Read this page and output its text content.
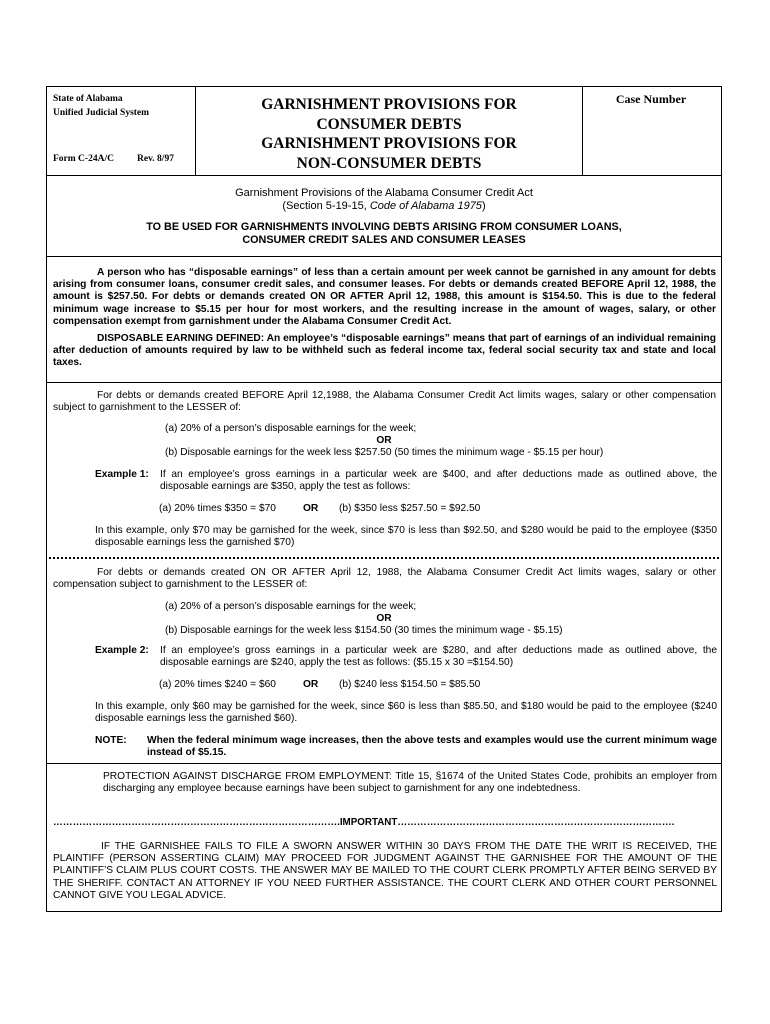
State of Alabama
Unified Judicial System
Form C-24A/C Rev. 8/97
GARNISHMENT PROVISIONS FOR
CONSUMER DEBTS
GARNISHMENT PROVISIONS FOR
NON-CONSUMER DEBTS
Case Number
Garnishment Provisions of the Alabama Consumer Credit Act
(Section 5-19-15, Code of Alabama 1975)
TO BE USED FOR GARNISHMENTS INVOLVING DEBTS ARISING FROM CONSUMER LOANS,
CONSUMER CREDIT SALES AND CONSUMER LEASES

A person who has “disposable earnings” of less than a certain amount per week cannot be garnished in any amount for debts arising from consumer loans, consumer credit sales, and consumer leases. For debts or demands created BEFORE April 12, 1988, the amount is $257.50. For debts or demands created ON OR AFTER April 12, 1988, this amount is $154.50. This is due to the federal minimum wage increase to $5.15 per hour for most workers, and the resulting increase in the amount of wages, salary, or other compensation exempt from garnishment under the Alabama Consumer Credit Act.

DISPOSABLE EARNING DEFINED: An employee’s “disposable earnings” means that part of earnings of an individual remaining after deduction of amounts required by law to be withheld such as federal income tax, federal social security tax and state and local taxes.

For debts or demands created BEFORE April 12,1988, the Alabama Consumer Credit Act limits wages, salary or other compensation subject to garnishment to the LESSER of:

(a) 20% of a person’s disposable earnings for the week;
OR
(b) Disposable earnings for the week less $257.50 (50 times the minimum wage - $5.15 per hour)
Example 1:	If an employee’s gross earnings in a particular week are $400, and after deductions made as outlined above, the disposable earnings are $350, apply the test as follows:
(a) 20% times $350 = $70	OR	(b) $350 less $257.50 = $92.50
In this example, only $70 may be garnished for the week, since $70 is less than $92.50, and $280 would be paid to the employee ($350 disposable earnings less the garnished $70)

For debts or demands created ON OR AFTER April 12, 1988, the Alabama Consumer Credit Act limits wages, salary or other compensation subject to garnishment to the LESSER of:

(a) 20% of a person’s disposable earnings for the week;
OR
(b) Disposable earnings for the week less $154.50 (30 times the minimum wage - $5.15)
Example 2:	If an employee’s gross earnings in a particular week are $280, and after deductions made as outlined above, the disposable earnings are $240, apply the test as follows: ($5.15 x 30 =$154.50)
(a) 20% times $240 = $60	OR	(b) $240 less $154.50 = $85.50
In this example, only $60 may be garnished for the week, since $60 is less than $85.50, and $180 would be paid to the employee ($240 disposable earnings less the garnished $60).
NOTE:	When the federal minimum wage increases, then the above tests and examples would use the current minimum wage instead of $5.15.
PROTECTION AGAINST DISCHARGE FROM EMPLOYMENT: Title 15, §1674 of the United States Code, prohibits an employer from discharging any employee because earnings have been subject to garnishment for any one indebtedness.
…………………………………………………………………………….IMPORTANT………………………………………………………………………….

IF THE GARNISHEE FAILS TO FILE A SWORN ANSWER WITHIN 30 DAYS FROM THE DATE THE WRIT IS RECEIVED, THE PLAINTIFF (PERSON ASSERTING CLAIM) MAY PROCEED FOR JUDGMENT AGAINST THE GARNISHEE FOR THE AMOUNT OF THE PLAINTIFF’S CLAIM PLUS COURT COSTS. THE ANSWER MAY BE MAILED TO THE COURT CLERK PROMPTLY AFTER BEING SERVED BY THE SHERIFF. CONTACT AN ATTORNEY IF YOU NEED FURTHER ASSISTANCE. THE COURT CLERK AND OTHER COURT PERSONNEL CANNOT GIVE YOU LEGAL ADVICE.
